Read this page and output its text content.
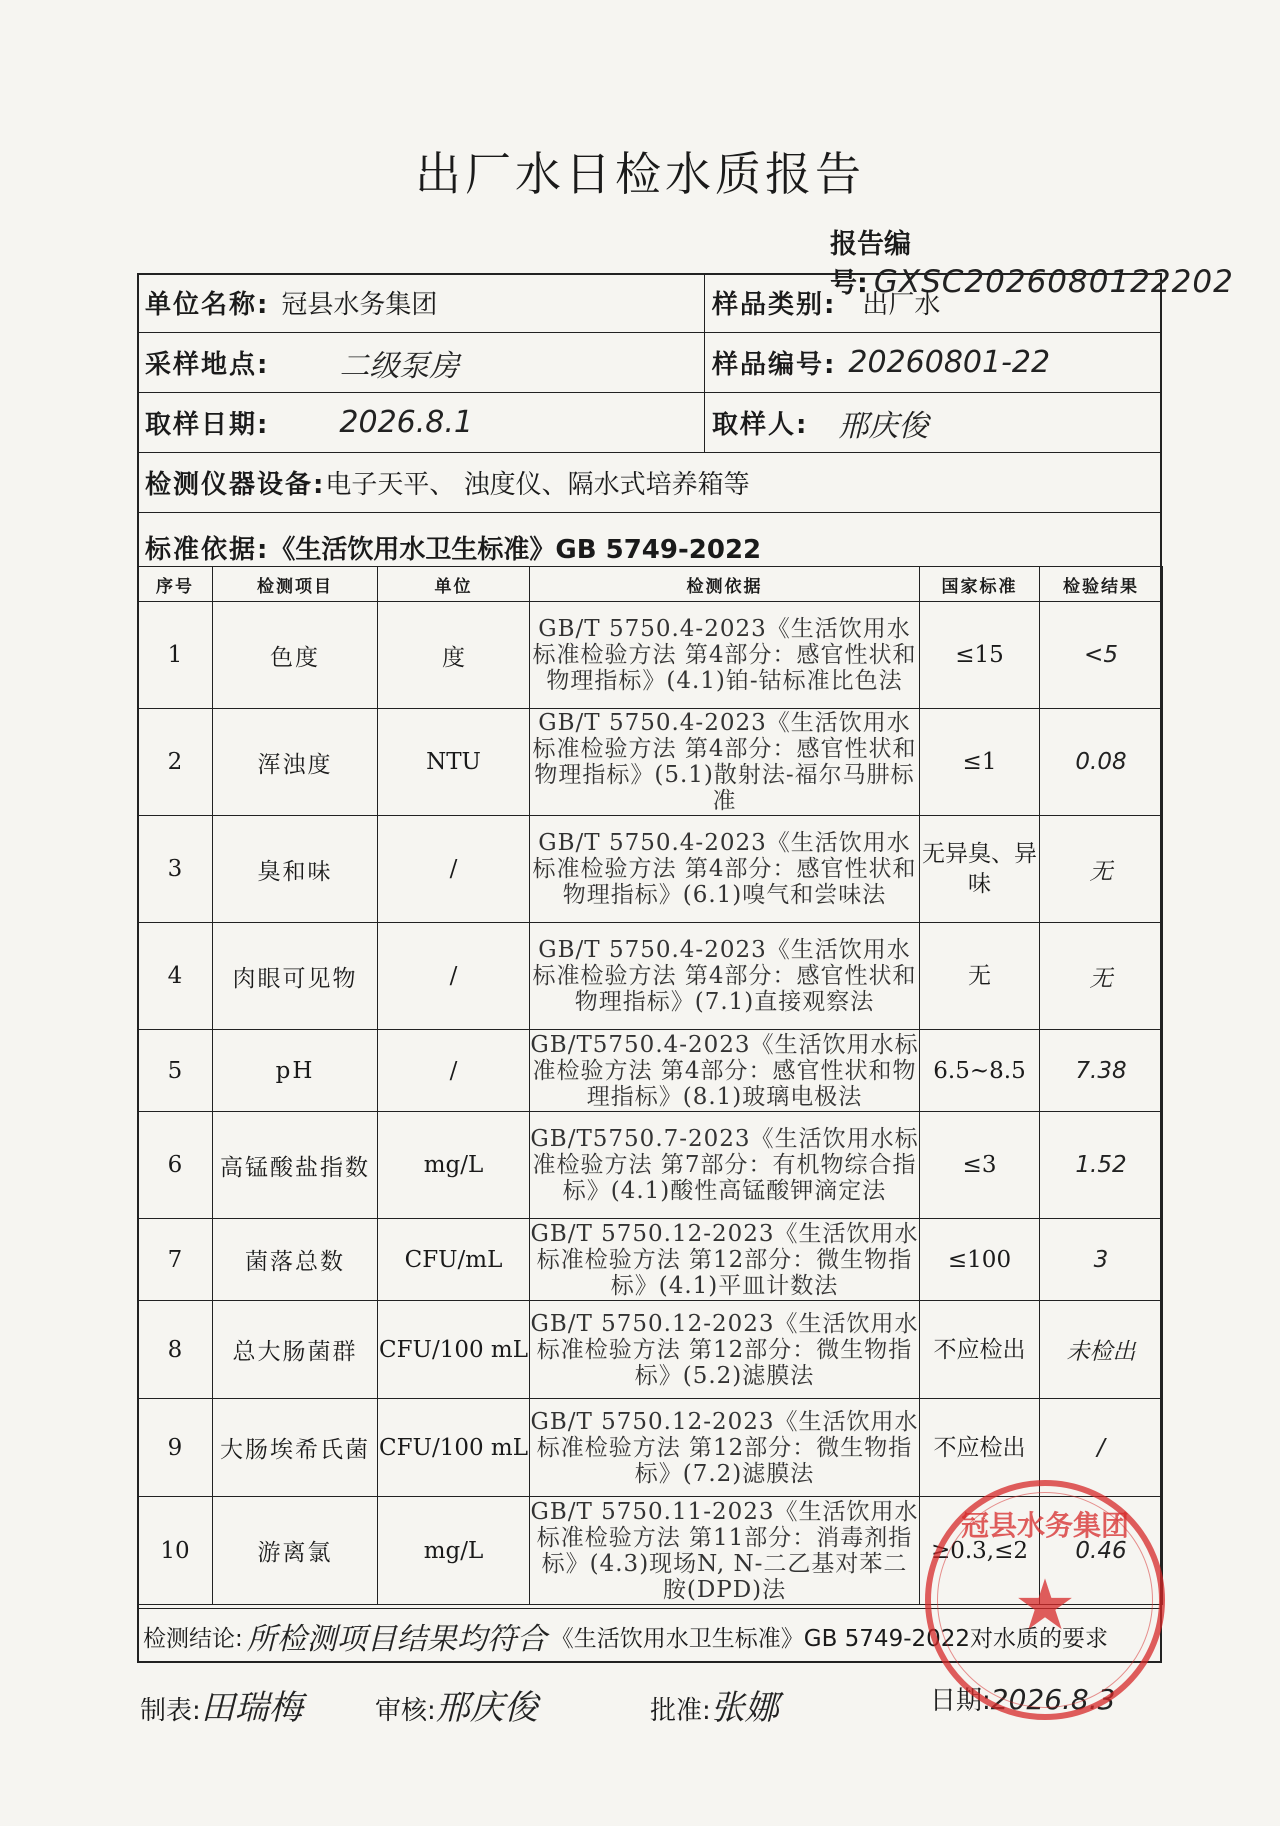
出厂水日检水质报告
报告编号: GXSC2026080122202
单位名称: 冠县水务集团	样品类别: 出厂水
采样地点: 二级泵房	样品编号: 20260801-22
取样日期: 2026.8.1	取样人: 邢庆俊
检测仪器设备: 电子天平、 浊度仪、隔水式培养箱等
标准依据: 《生活饮用水卫生标准》GB 5749-2022
序号	检测项目	单位	检测依据	国家标准	检验结果
1	色度	度	GB/T 5750.4-2023《生活饮用水标准检验方法 第4部分：感官性状和物理指标》(4.1)铂-钴标准比色法	≤15	<5
2	浑浊度	NTU	GB/T 5750.4-2023《生活饮用水标准检验方法 第4部分：感官性状和物理指标》(5.1)散射法-福尔马肼标准	≤1	0.08
3	臭和味	/	GB/T 5750.4-2023《生活饮用水标准检验方法 第4部分：感官性状和物理指标》(6.1)嗅气和尝味法	无异臭、异味	无
4	肉眼可见物	/	GB/T 5750.4-2023《生活饮用水标准检验方法 第4部分：感官性状和物理指标》(7.1)直接观察法	无	无
5	pH	/	GB/T5750.4-2023《生活饮用水标准检验方法 第4部分：感官性状和物理指标》(8.1)玻璃电极法	6.5~8.5	7.38
6	高锰酸盐指数	mg/L	GB/T5750.7-2023《生活饮用水标准检验方法 第7部分：有机物综合指标》(4.1)酸性高锰酸钾滴定法	≤3	1.52
7	菌落总数	CFU/mL	GB/T 5750.12-2023《生活饮用水标准检验方法 第12部分：微生物指标》(4.1)平皿计数法	≤100	3
8	总大肠菌群	CFU/100 mL	GB/T 5750.12-2023《生活饮用水标准检验方法 第12部分：微生物指标》(5.2)滤膜法	不应检出	未检出
9	大肠埃希氏菌	CFU/100 mL	GB/T 5750.12-2023《生活饮用水标准检验方法 第12部分：微生物指标》(7.2)滤膜法	不应检出	/
10	游离氯	mg/L	GB/T 5750.11-2023《生活饮用水标准检验方法 第11部分：消毒剂指标》(4.3)现场N, N-二乙基对苯二胺(DPD)法	≥0.3,≤2	0.46
检测结论: 所检测项目结果均符合 《生活饮用水卫生标准》GB 5749-2022对水质的要求
制表:田瑞梅	审核:邢庆俊	批准:张娜	日期:2026.8.3
冠县水务集团
★
